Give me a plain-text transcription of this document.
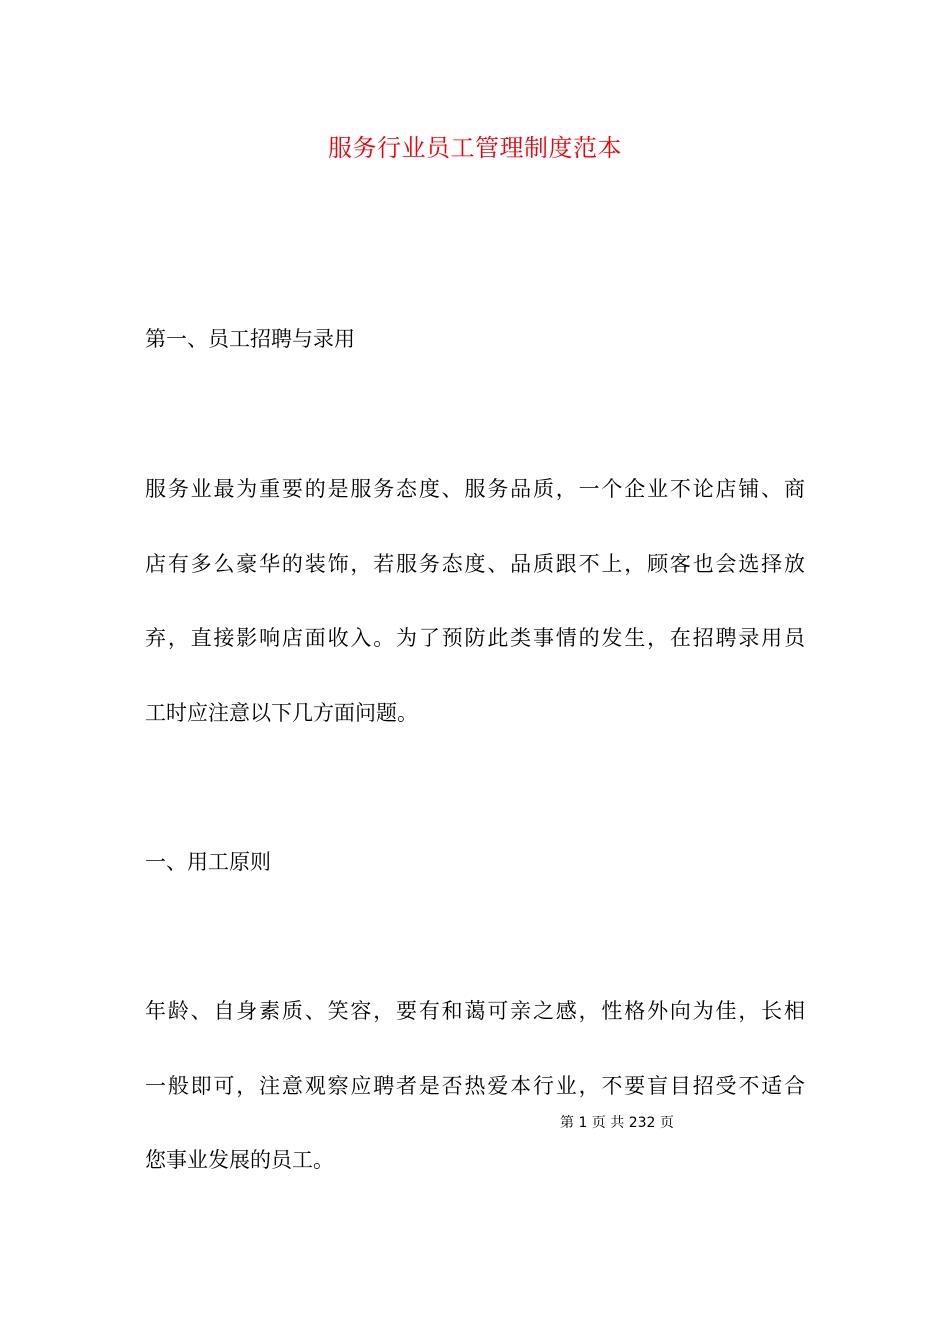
服务行业员工管理制度范本
第一、员工招聘与录用
服务业最为重要的是服务态度、服务品质，一个企业不论店铺、商
店有多么豪华的装饰，若服务态度、品质跟不上，顾客也会选择放
弃，直接影响店面收入。为了预防此类事情的发生，在招聘录用员
工时应注意以下几方面问题。
一、用工原则
年龄、自身素质、笑容，要有和蔼可亲之感，性格外向为佳，长相
一般即可，注意观察应聘者是否热爱本行业，不要盲目招受不适合
第 1 页 共 232 页
您事业发展的员工。
